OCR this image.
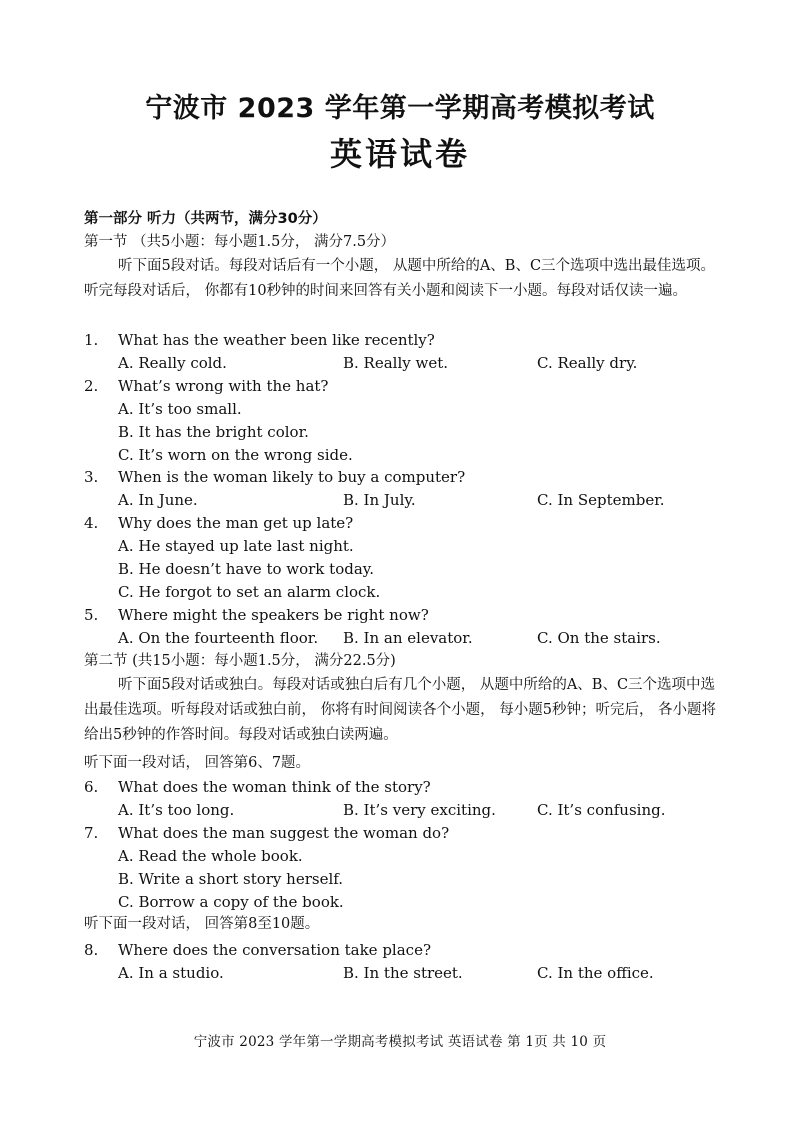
宁波市 2023 学年第一学期高考模拟考试
英语试卷
第一部分 听力（共两节，满分30分）
第一节 （共5小题：每小题1.5分， 满分7.5分）
听下面5段对话。每段对话后有一个小题， 从题中所给的A、B、C三个选项中选出最佳选项。听完每段对话后， 你都有10秒钟的时间来回答有关小题和阅读下一小题。每段对话仅读一遍。
1. What has the weather been like recently?
A. Really cold.	B. Really wet.	C. Really dry.
2. What’s wrong with the hat?
A. It’s too small.
B. It has the bright color.
C. It’s worn on the wrong side.
3. When is the woman likely to buy a computer?
A. In June.	B. In July.	C. In September.
4. Why does the man get up late?
A. He stayed up late last night.
B. He doesn’t have to work today.
C. He forgot to set an alarm clock.
5. Where might the speakers be right now?
A. On the fourteenth floor. B. In an elevator.	C. On the stairs.
第二节 (共15小题：每小题1.5分， 满分22.5分)
听下面5段对话或独白。每段对话或独白后有几个小题， 从题中所给的A、B、C三个选项中选出最佳选项。听每段对话或独白前， 你将有时间阅读各个小题， 每小题5秒钟；听完后， 各小题将给出5秒钟的作答时间。每段对话或独白读两遍。
听下面一段对话， 回答第6、7题。
6. What does the woman think of the story?
A. It’s too long.	B. It’s very exciting.	C. It’s confusing.
7. What does the man suggest the woman do?
A. Read the whole book.
B. Write a short story herself.
C. Borrow a copy of the book.
听下面一段对话， 回答第8至10题。
8. Where does the conversation take place?
A. In a studio.	B. In the street.	C. In the office.
宁波市 2023 学年第一学期高考模拟考试 英语试卷 第 1页 共 10 页
